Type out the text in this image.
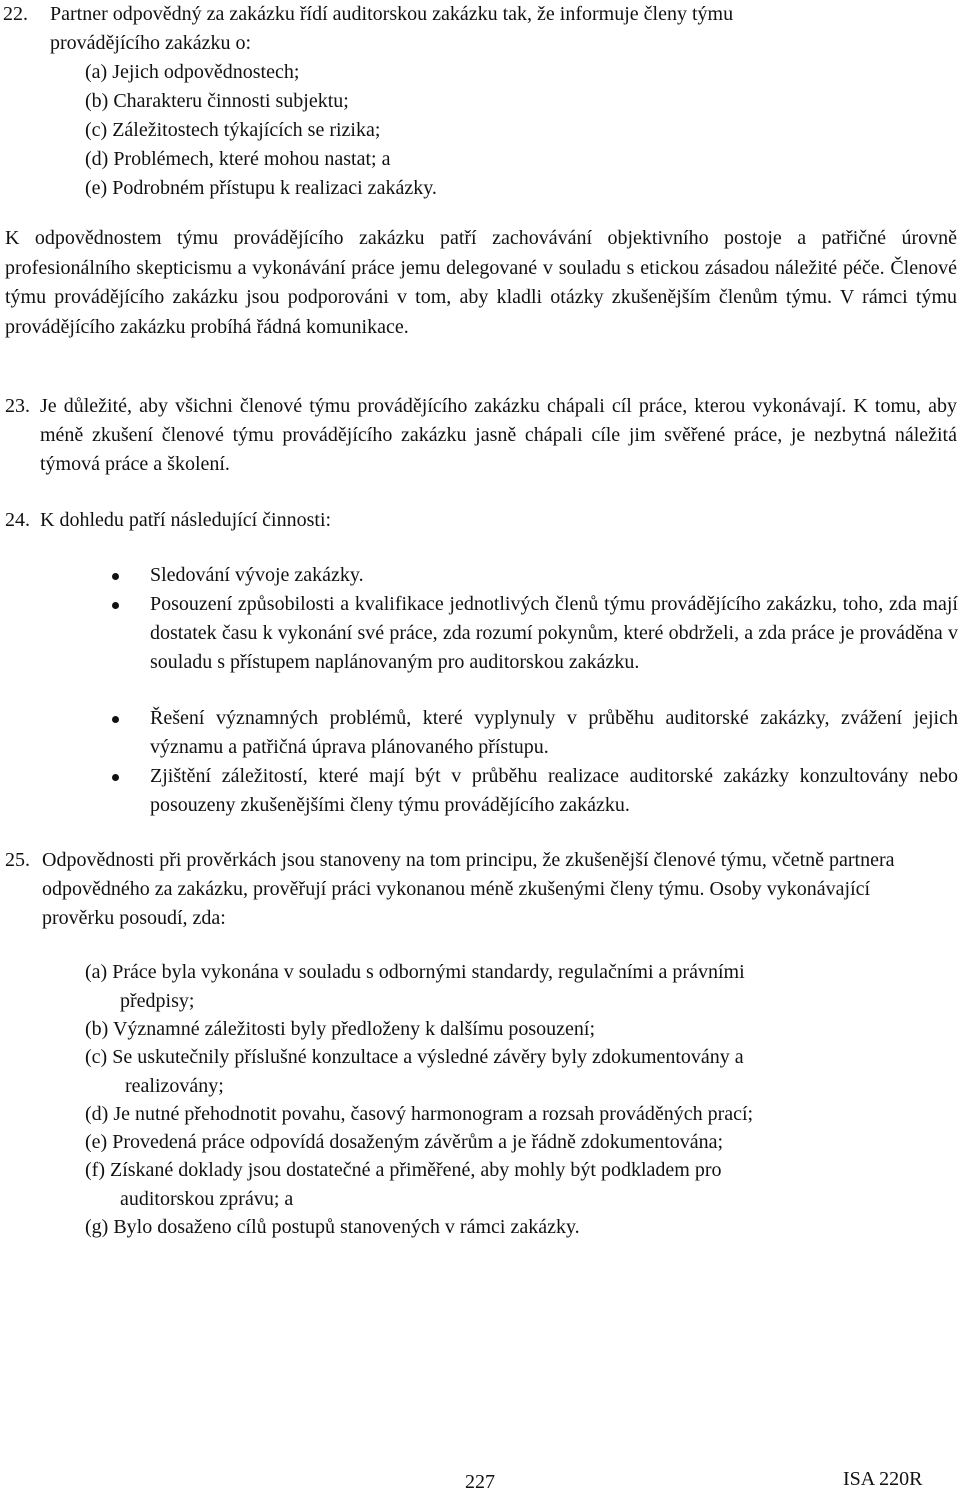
22. Partner odpovědný za zakázku řídí auditorskou zakázku tak, že informuje členy týmu

provádějícího zakázku o:

(a) Jejich odpovědnostech;

(b) Charakteru činnosti subjektu;

(c) Záležitostech týkajících se rizika;

(d) Problémech, které mohou nastat; a

(e) Podrobném přístupu k realizaci zakázky.

K odpovědnostem týmu provádějícího zakázku patří zachovávání objektivního postoje a patřičné úrovně profesionálního skepticismu a vykonávání práce jemu delegované v souladu s etickou zásadou náležité péče. Členové týmu provádějícího zakázku jsou podporováni v tom, aby kladli otázky zkušenějším členům týmu. V rámci týmu provádějícího zakázku probíhá řádná komunikace.

23. Je důležité, aby všichni členové týmu provádějícího zakázku chápali cíl práce, kterou vykonávají. K tomu, aby méně zkušení členové týmu provádějícího zakázku jasně chápali cíle jim svěřené práce, je nezbytná náležitá týmová práce a školení.

24. K dohledu patří následující činnosti:

Sledování vývoje zakázky.
Posouzení způsobilosti a kvalifikace jednotlivých členů týmu provádějícího zakázku, toho, zda mají dostatek času k vykonání své práce, zda rozumí pokynům, které obdrželi, a zda práce je prováděna v souladu s přístupem naplánovaným pro auditorskou zakázku.
Řešení významných problémů, které vyplynuly v průběhu auditorské zakázky, zvážení jejich významu a patřičná úprava plánovaného přístupu.
Zjištění záležitostí, které mají být v průběhu realizace auditorské zakázky konzultovány nebo posouzeny zkušenějšími členy týmu provádějícího zakázku.

25. Odpovědnosti při prověrkách jsou stanoveny na tom principu, že zkušenější členové týmu, včetně partnera odpovědného za zakázku, prověřují práci vykonanou méně zkušenými členy týmu. Osoby vykonávající prověrku posoudí, zda:

(a) Práce byla vykonána v souladu s odbornými standardy, regulačními a právními

předpisy;

(b) Významné záležitosti byly předloženy k dalšímu posouzení;

(c) Se uskutečnily příslušné konzultace a výsledné závěry byly zdokumentovány a

realizovány;

(d) Je nutné přehodnotit povahu, časový harmonogram a rozsah prováděných prací;

(e) Provedená práce odpovídá dosaženým závěrům a je řádně zdokumentována;

(f) Získané doklady jsou dostatečné a přiměřené, aby mohly být podkladem pro

auditorskou zprávu; a

(g) Bylo dosaženo cílů postupů stanovených v rámci zakázky.

227	ISA 220R
